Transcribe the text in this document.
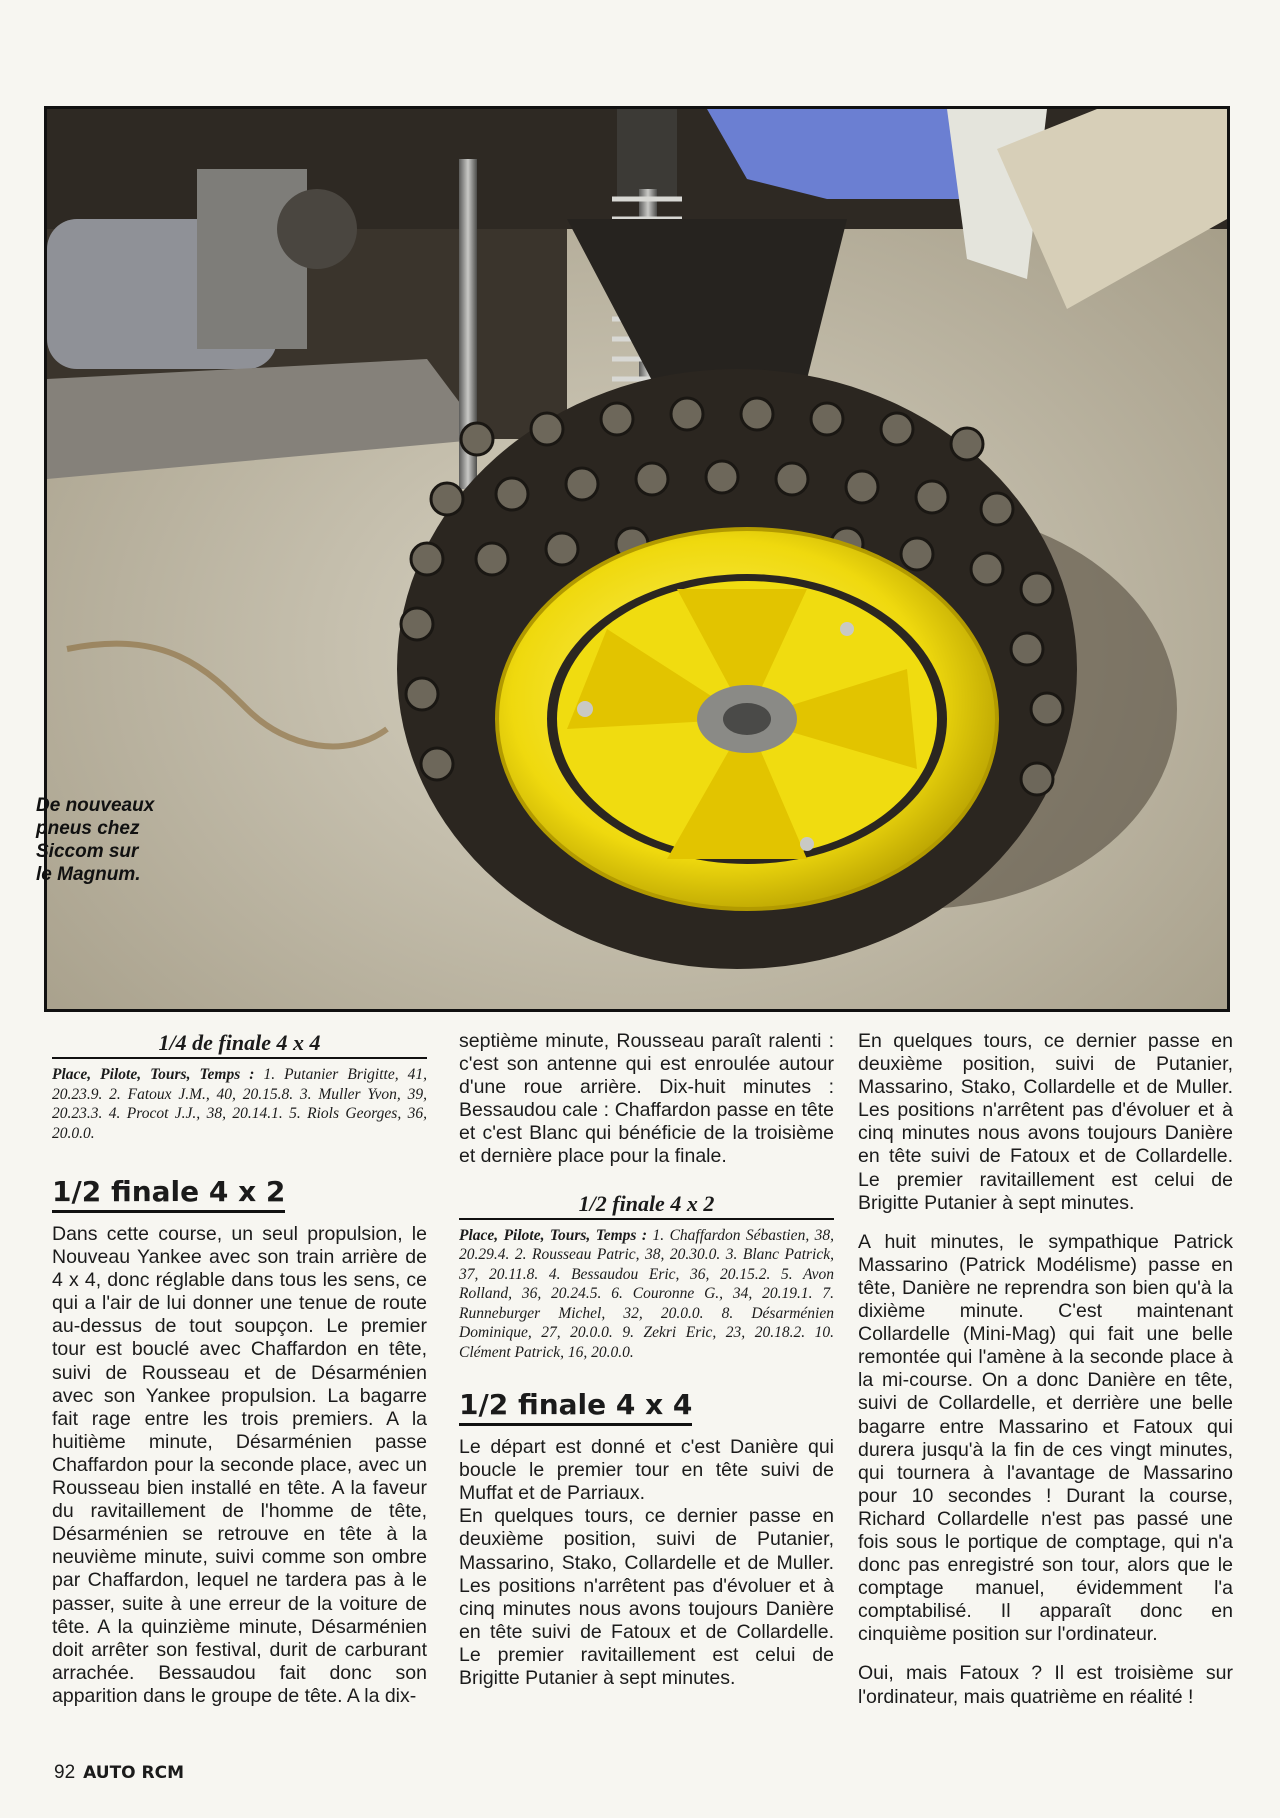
De nouveaux
pneus chez
Siccom sur
le Magnum.
1/4 de finale 4 x 4

Place, Pilote, Tours, Temps : 1. Putanier Brigitte, 41, 20.23.9. 2. Fatoux J.M., 40, 20.15.8. 3. Muller Yvon, 39, 20.23.3. 4. Procot J.J., 38, 20.14.1. 5. Riols Georges, 36, 20.0.0.

1/2 finale 4 x 2

Dans cette course, un seul propulsion, le Nouveau Yankee avec son train arrière de 4 x 4, donc réglable dans tous les sens, ce qui a l'air de lui donner une tenue de route au-dessus de tout soupçon. Le premier tour est bouclé avec Chaffardon en tête, suivi de Rousseau et de Désarménien avec son Yankee propulsion. La bagarre fait rage entre les trois premiers. A la huitième minute, Désarménien passe Chaffardon pour la seconde place, avec un Rousseau bien installé en tête. A la faveur du ravitaillement de l'homme de tête, Désarménien se retrouve en tête à la neuvième minute, suivi comme son ombre par Chaffardon, lequel ne tardera pas à le passer, suite à une erreur de la voiture de tête. A la quinzième minute, Désarménien doit arrêter son festival, durit de carburant arrachée. Bessaudou fait donc son apparition dans le groupe de tête. A la dix-

septième minute, Rousseau paraît ralenti : c'est son antenne qui est enroulée autour d'une roue arrière. Dix-huit minutes : Bessaudou cale : Chaffardon passe en tête et c'est Blanc qui bénéficie de la troisième et dernière place pour la finale.

1/2 finale 4 x 2

Place, Pilote, Tours, Temps : 1. Chaffardon Sébastien, 38, 20.29.4. 2. Rousseau Patric, 38, 20.30.0. 3. Blanc Patrick, 37, 20.11.8. 4. Bessaudou Eric, 36, 20.15.2. 5. Avon Rolland, 36, 20.24.5. 6. Couronne G., 34, 20.19.1. 7. Runneburger Michel, 32, 20.0.0. 8. Désarménien Dominique, 27, 20.0.0. 9. Zekri Eric, 23, 20.18.2. 10. Clément Patrick, 16, 20.0.0.

1/2 finale 4 x 4

Le départ est donné et c'est Danière qui boucle le premier tour en tête suivi de Muffat et de Parriaux.

En quelques tours, ce dernier passe en deuxième position, suivi de Putanier, Massarino, Stako, Collardelle et de Muller. Les positions n'arrêtent pas d'évoluer et à cinq minutes nous avons toujours Danière en tête suivi de Fatoux et de Collardelle. Le premier ravitaillement est celui de Brigitte Putanier à sept minutes.

En quelques tours, ce dernier passe en deuxième position, suivi de Putanier, Massarino, Stako, Collardelle et de Muller. Les positions n'arrêtent pas d'évoluer et à cinq minutes nous avons toujours Danière en tête suivi de Fatoux et de Collardelle. Le premier ravitaillement est celui de Brigitte Putanier à sept minutes.

A huit minutes, le sympathique Patrick Massarino (Patrick Modélisme) passe en tête, Danière ne reprendra son bien qu'à la dixième minute. C'est maintenant Collardelle (Mini-Mag) qui fait une belle remontée qui l'amène à la seconde place à la mi-course. On a donc Danière en tête, suivi de Collardelle, et derrière une belle bagarre entre Massarino et Fatoux qui durera jusqu'à la fin de ces vingt minutes, qui tournera à l'avantage de Massarino pour 10 secondes ! Durant la course, Richard Collardelle n'est pas passé une fois sous le portique de comptage, qui n'a donc pas enregistré son tour, alors que le comptage manuel, évidemment l'a comptabilisé. Il apparaît donc en cinquième position sur l'ordinateur.

Oui, mais Fatoux ? Il est troisième sur l'ordinateur, mais quatrième en réalité !

92 AUTO RCM
